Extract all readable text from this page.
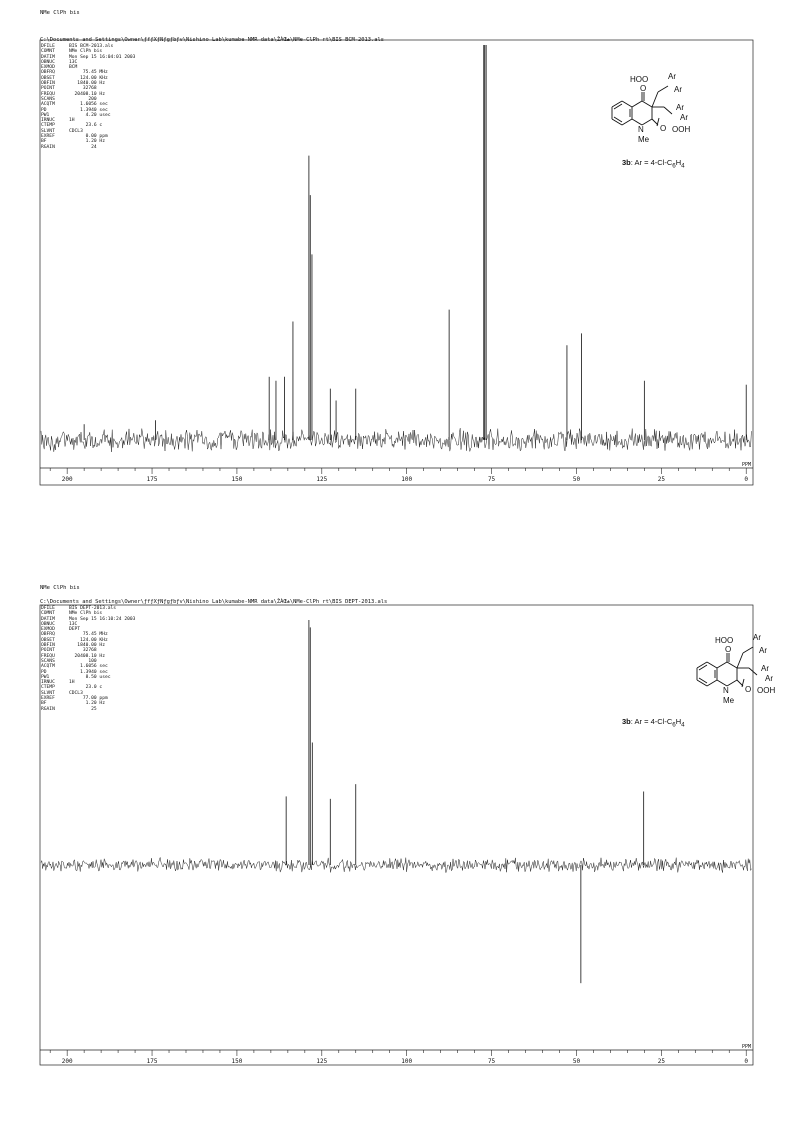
NMe ClPh bis
C:\Documents and Settings\Owner\ƒfƒXƒNƒgƒbƒv\Nishino Lab\kumabe-NMR data\ŽÀŒ±\NMe-ClPh rt\BIS BCM-2013.als
DFILE	BIS BCM-2013.als
COMNT	NMe ClPh bis
DATIM	Mon Sep 15 16:04:01 2003
OBNUC	13C
EXMOD	BCM
OBFRQ	75.45 MHz
OBSET	124.00 KHz
OBFIN	1840.00 Hz
POINT	32768
FREQU	20408.10 Hz
SCANS	200
ACQTM	1.6056 sec
PD	1.3940 sec
PW1	4.20 usec
IRNUC	1H
CTEMP	23.6 c
SLVNT	CDCL3
EXREF	0.00 ppm
BF	1.20 Hz
RGAIN	24
200	175	150	125	100	75	50	25	0
PPM
HOO Ar
Ar
O
Ar
Ar
O OOH
N
Me
3b: $Ar = 4-Cl-C_6H_4$
NMe ClPh bis
C:\Documents and Settings\Owner\ƒfƒXƒNƒgƒbƒv\Nishino Lab\kumabe-NMR data\ŽÀŒ±\NMe-ClPh rt\BIS DEPT-2013.als
DFILE	BIS DEPT-2013.als
COMNT	NMe ClPh bis
DATIM	Mon Sep 15 16:10:24 2003
OBNUC	13C
EXMOD	DEPT
OBFRQ	75.45 MHz
OBSET	124.00 KHz
OBFIN	1840.00 Hz
POINT	32768
FREQU	20408.10 Hz
SCANS	100
ACQTM	1.6056 sec
PD	1.3940 sec
PW1	8.50 usec
IRNUC	1H
CTEMP	23.0 c
SLVNT	CDCL3
EXREF	77.00 ppm
BF	1.20 Hz
RGAIN	25
200	175	150	125	100	75	50	25	0
PPM
HOO Ar
Ar
O
Ar
Ar
O OOH
N
Me
3b: $Ar = 4-Cl-C_6H_4$
